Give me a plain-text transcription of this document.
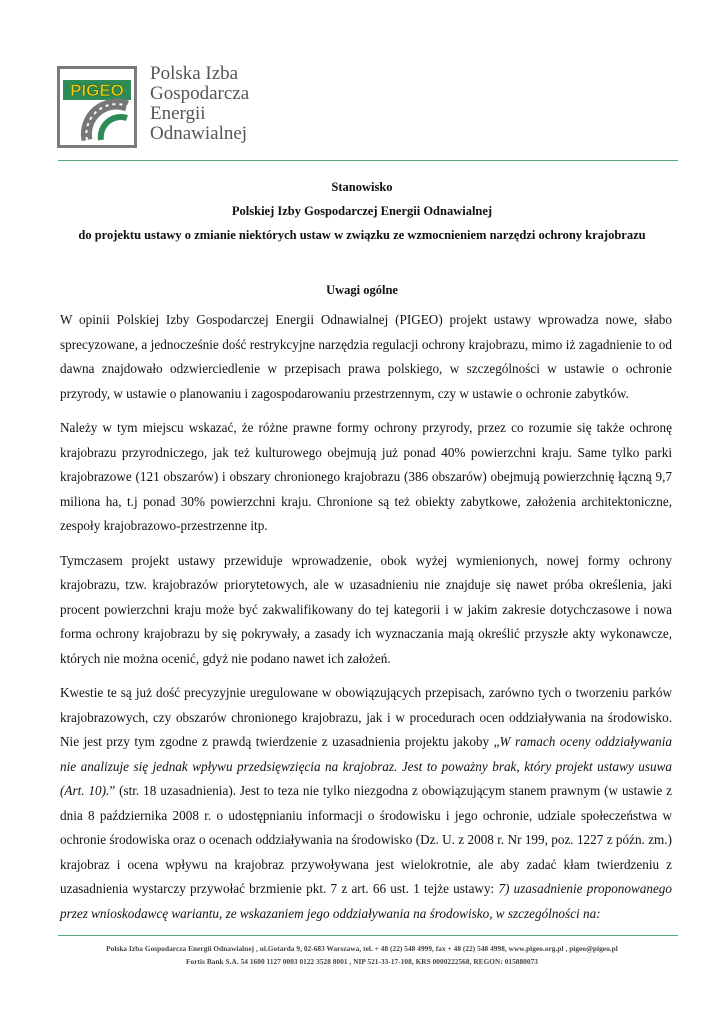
PIGEO
Polska Izba
Gospodarcza
Energii
Odnawialnej
Stanowisko
Polskiej Izby Gospodarczej Energii Odnawialnej
do projektu ustawy o zmianie niektórych ustaw w związku ze wzmocnieniem narzędzi ochrony krajobrazu
Uwagi ogólne

W opinii Polskiej Izby Gospodarczej Energii Odnawialnej (PIGEO) projekt ustawy wprowadza nowe, słabo sprecyzowane, a jednocześnie dość restrykcyjne narzędzia regulacji ochrony krajobrazu, mimo iż zagadnienie to od dawna znajdowało odzwierciedlenie w przepisach prawa polskiego, w szczególności w ustawie o ochronie przyrody, w ustawie o planowaniu i zagospodarowaniu przestrzennym, czy w ustawie o ochronie zabytków.

Należy w tym miejscu wskazać, że różne prawne formy ochrony przyrody, przez co rozumie się także ochronę krajobrazu przyrodniczego, jak też kulturowego obejmują już ponad 40% powierzchni kraju. Same tylko parki krajobrazowe (121 obszarów) i obszary chronionego krajobrazu (386 obszarów) obejmują powierzchnię łączną 9,7 miliona ha, t.j ponad 30% powierzchni kraju. Chronione są też obiekty zabytkowe, założenia architektoniczne, zespoły krajobrazowo-przestrzenne itp.

Tymczasem projekt ustawy przewiduje wprowadzenie, obok wyżej wymienionych, nowej formy ochrony krajobrazu, tzw. krajobrazów priorytetowych, ale w uzasadnieniu nie znajduje się nawet próba określenia, jaki procent powierzchni kraju może być zakwalifikowany do tej kategorii i w jakim zakresie dotychczasowe i nowa forma ochrony krajobrazu by się pokrywały, a zasady ich wyznaczania mają określić przyszłe akty wykonawcze, których nie można ocenić, gdyż nie podano nawet ich założeń.

Kwestie te są już dość precyzyjnie uregulowane w obowiązujących przepisach, zarówno tych o tworzeniu parków krajobrazowych, czy obszarów chronionego krajobrazu, jak i w procedurach ocen oddziaływania na środowisko. Nie jest przy tym zgodne z prawdą twierdzenie z uzasadnienia projektu jakoby „W ramach oceny oddziaływania nie analizuje się jednak wpływu przedsięwzięcia na krajobraz. Jest to poważny brak, który projekt ustawy usuwa (Art. 10).” (str. 18 uzasadnienia). Jest to teza nie tylko niezgodna z obowiązującym stanem prawnym (w ustawie z dnia 8 października 2008 r. o udostępnianiu informacji o środowisku i jego ochronie, udziale społeczeństwa w ochronie środowiska oraz o ocenach oddziaływania na środowisko (Dz. U. z 2008 r. Nr 199, poz. 1227 z późn. zm.) krajobraz i ocena wpływu na krajobraz przywoływana jest wielokrotnie, ale aby zadać kłam twierdzeniu z uzasadnienia wystarczy przywołać brzmienie pkt. 7 z art. 66 ust. 1 tejże ustawy: 7) uzasadnienie proponowanego przez wnioskodawcę wariantu, ze wskazaniem jego oddziaływania na środowisko, w szczególności na:

Polska Izba Gospodarcza Energii Odnawialnej , ul.Gotarda 9, 02-683 Warszawa, tel. + 48 (22) 548 4999, fax + 48 (22) 548 4998, www.pigeo.org.pl , pigeo@pigeo.pl
Fortis Bank S.A. 54 1600 1127 0003 0122 3528 8001 , NIP 521-33-17-108, KRS 0000222568, REGON: 015880073
